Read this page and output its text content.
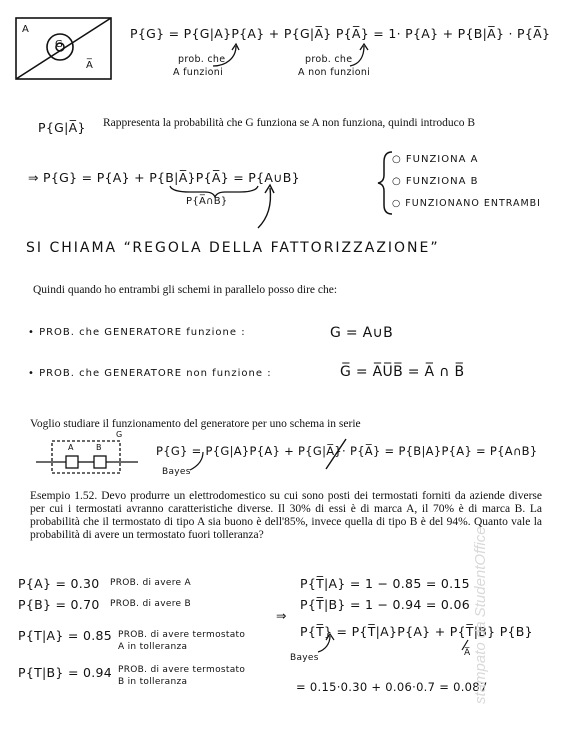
A
G
A̅
P{G} = P{G|A}P{A} + P{G|A̅} P{A̅} = 1· P{A} + P{B|A̅} · P{A̅}
prob. che
A funzioni
prob. che
A non funzioni
P{G|A̅} Rappresenta la probabilità che G funziona se A non funziona, quindi introduco B
⇒ P{G} = P{A} + P{B|A̅}P{A̅} = P{A∪B}
P{A̅∩B}
○ FUNZIONA A
○ FUNZIONA B
○ FUNZIONANO ENTRAMBI
SI CHIAMA “REGOLA DELLA FATTORIZZAZIONE”
Quindi quando ho entrambi gli schemi in parallelo posso dire che:
• PROB. che GENERATORE funzione :	G = A∪B
• PROB. che GENERATORE non funzione :	G̅ = A̅U̅B̅ = A̅ ∩ B̅
Voglio studiare il funzionamento del generatore per uno schema in serie
A	B
G
P{G} = P{G|A}P{A} + P{G|A̅}· P{A̅} = P{B|A}P{A} = P{A∩B}
Bayes
Esempio 1.52. Devo produrre un elettrodomestico su cui sono posti dei termostati forniti da aziende diverse per cui i termostati avranno caratteristiche diverse. Il 30% di essi è di marca A, il 70% è di marca B. La probabilità che il termostato di tipo A sia buono è dell'85%, invece quella di tipo B è del 94%. Quanto vale la probabilità di avere un termostato fuori tolleranza?
P{A} = 0.30 PROB. di avere A
P{B} = 0.70 PROB. di avere B
P{T|A} = 0.85 PROB. di avere termostato
A in tolleranza
P{T|B} = 0.94 PROB. di avere termostato
B in tolleranza
P{T̅|A} = 1 − 0.85 = 0.15
P{T̅|B} = 1 − 0.94 = 0.06
⇒
P{T̅} = P{T̅|A}P{A} + P{T̅|B} P{B}
A̅
Bayes
= 0.15·0.30 + 0.06·0.7 = 0.087
stampato da StudentOffice
